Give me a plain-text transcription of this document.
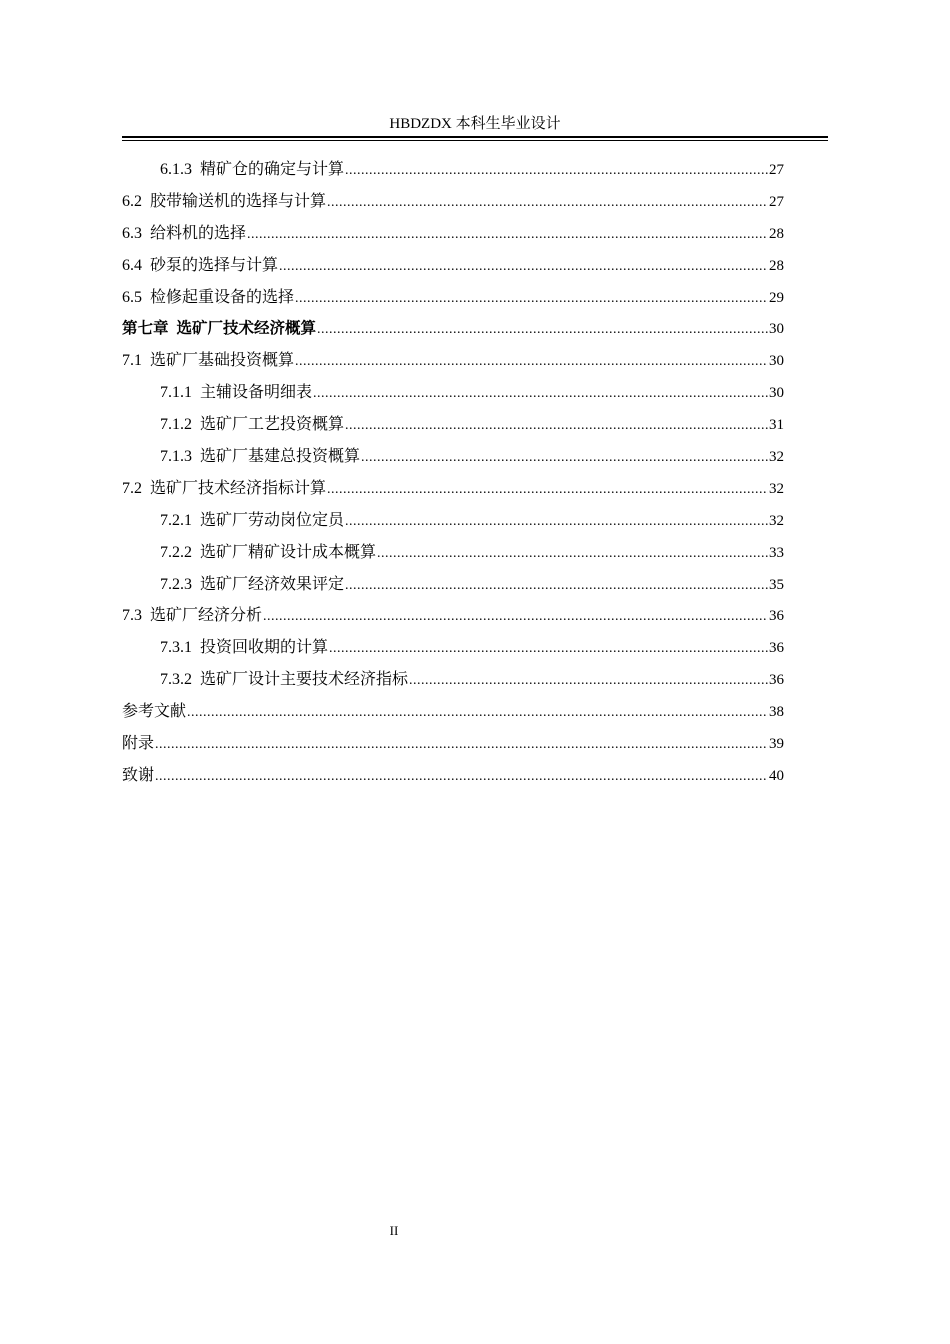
HBDZDX 本科生毕业设计
6.1.3 精矿仓的确定与计算 .....	27
6.2 胶带输送机的选择与计算 .....	27
6.3 给料机的选择 .....	28
6.4 砂泵的选择与计算 .....	28
6.5 检修起重设备的选择 .....	29
第七章 选矿厂技术经济概算 .....	30
7.1 选矿厂基础投资概算 .....	30
7.1.1 主辅设备明细表 .....	30
7.1.2 选矿厂工艺投资概算 .....	31
7.1.3 选矿厂基建总投资概算 .....	32
7.2 选矿厂技术经济指标计算 .....	32
7.2.1 选矿厂劳动岗位定员 .....	32
7.2.2 选矿厂精矿设计成本概算 .....	33
7.2.3 选矿厂经济效果评定 .....	35
7.3 选矿厂经济分析 .....	36
7.3.1 投资回收期的计算 .....	36
7.3.2 选矿厂设计主要技术经济指标 .....	36
参考文献 .....	38
附录 .....	39
致谢 .....	40
II
